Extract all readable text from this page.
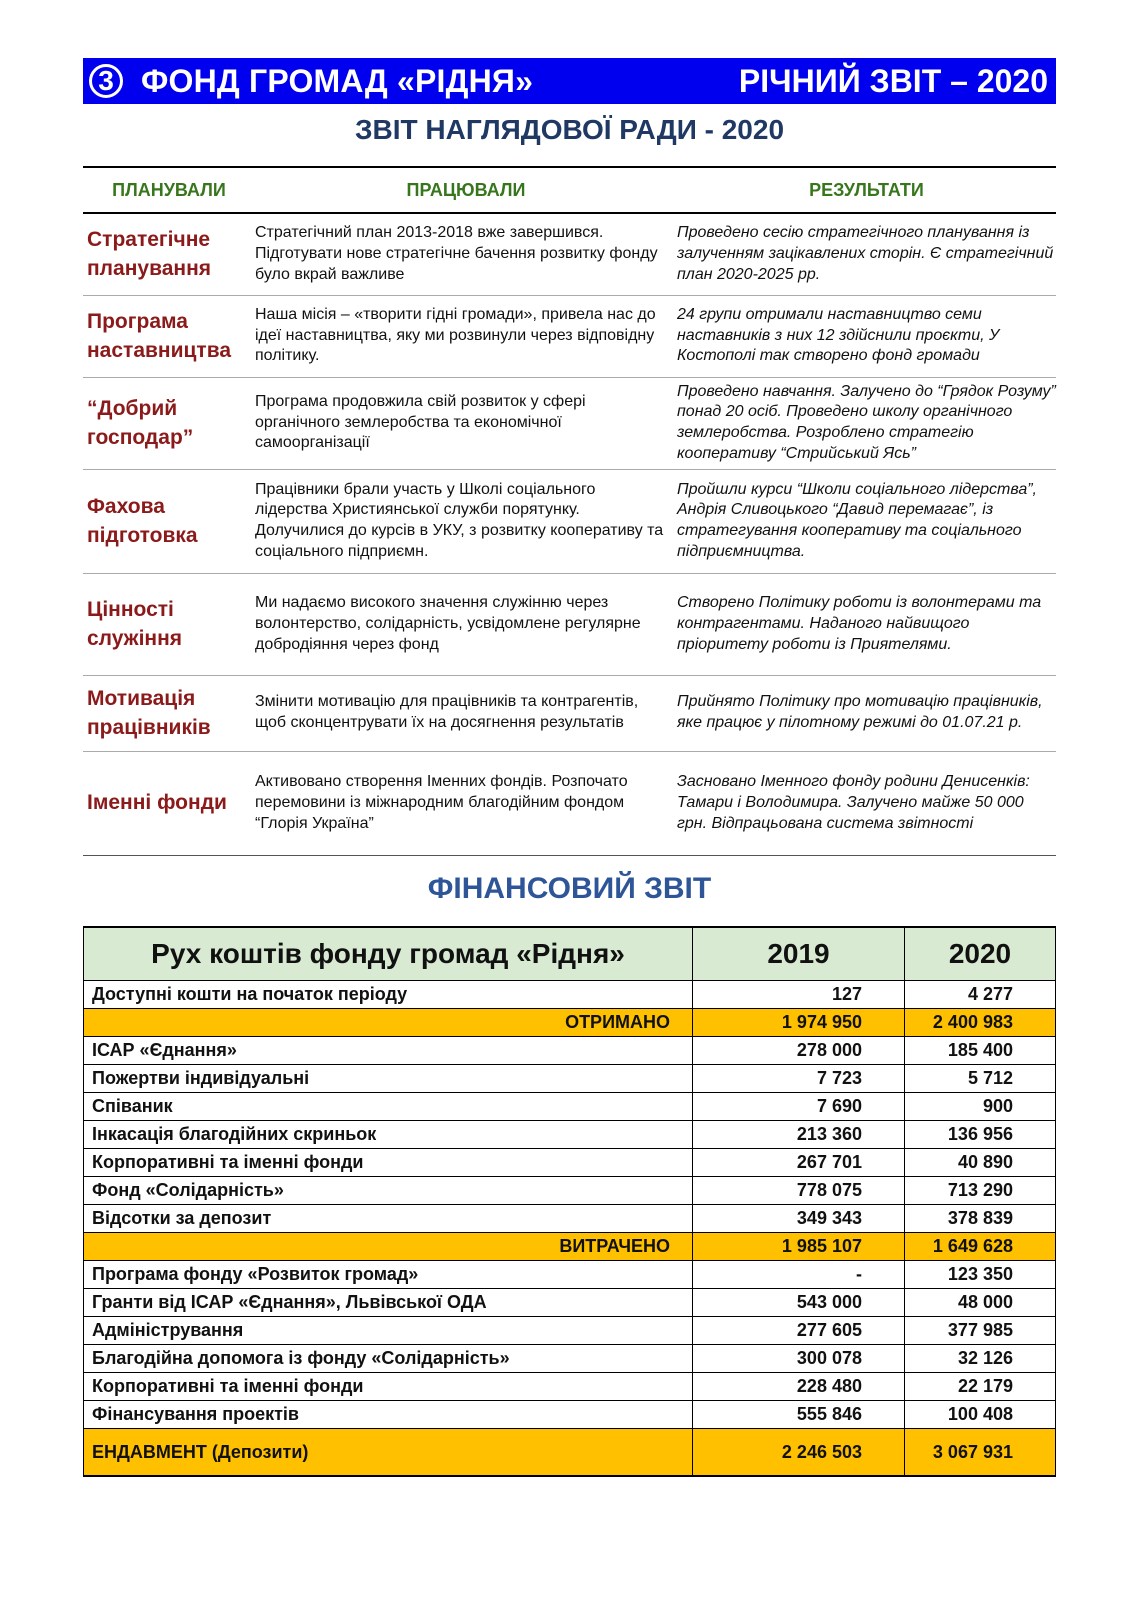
3 ФОНД ГРОМАД «РІДНЯ»	РІЧНИЙ ЗВІТ – 2020
ЗВІТ НАГЛЯДОВОЇ РАДИ - 2020
ПЛАНУВАЛИ	ПРАЦЮВАЛИ	РЕЗУЛЬТАТИ
Стратегічне планування	Стратегічний план 2013-2018 вже завершився. Підготувати нове стратегічне бачення розвитку фонду було вкрай важливе	Проведено сесію стратегічного планування із залученням зацікавлених сторін. Є стратегічний план 2020-2025 рр.
Програма наставництва	Наша місія – «творити гідні громади», привела нас до ідеї наставництва, яку ми розвинули через відповідну політику.	24 групи отримали наставництво семи наставників з них 12 здійснили проєкти, У Костополі так створено фонд громади
“Добрий господар”	Програма продовжила свій розвиток у сфері органічного землеробства та економічної самоорганізації	Проведено навчання. Залучено до “Грядок Розуму” понад 20 осіб. Проведено школу органічного землеробства. Розроблено стратегію кооперативу “Стрийський Ясь”
Фахова підготовка	Працівники брали участь у Школі соціального лідерства Християнської служби порятунку. Долучилися до курсів в УКУ, з розвитку кооперативу та соціального підприємн.	Пройшли курси “Школи соціального лідерства”, Андрія Сливоцького “Давид перемагає”, із стратегування кооперативу та соціального підприємництва.
Цінності служіння	Ми надаємо високого значення служінню через волонтерство, солідарність, усвідомлене регулярне добродіяння через фонд	Створено Політику роботи із волонтерами та контрагентами. Наданого найвищого пріоритету роботи із Приятелями.
Мотивація працівників	Змінити мотивацію для працівників та контрагентів, щоб сконцентрувати їх на досягнення результатів	Прийнято Політику про мотивацію працівників, яке працює у пілотному режимі до 01.07.21 р.
Іменні фонди	Активовано створення Іменних фондів. Розпочато перемовини із міжнародним благодійним фондом “Глорія Україна”	Засновано Іменного фонду родини Денисенків: Тамари і Володимира. Залучено майже 50 000 грн. Відпрацьована система звітності
ФІНАНСОВИЙ ЗВІТ
Рух коштів фонду громад «Рідня»	2019	2020
Доступні кошти на початок періоду	127	4 277
ОТРИМАНО	1 974 950	2 400 983
ІСАР «Єднання»	278 000	185 400
Пожертви індивідуальні	7 723	5 712
Співаник	7 690	900
Інкасація благодійних скриньок	213 360	136 956
Корпоративні та іменні фонди	267 701	40 890
Фонд «Солідарність»	778 075	713 290
Відсотки за депозит	349 343	378 839
ВИТРАЧЕНО	1 985 107	1 649 628
Програма фонду «Розвиток громад»	-	123 350
Гранти від ІСАР «Єднання», Львівської ОДА	543 000	48 000
Адміністрування	277 605	377 985
Благодійна допомога із фонду «Солідарність»	300 078	32 126
Корпоративні та іменні фонди	228 480	22 179
Фінансування проектів	555 846	100 408
ЕНДАВМЕНТ (Депозити)	2 246 503	3 067 931
